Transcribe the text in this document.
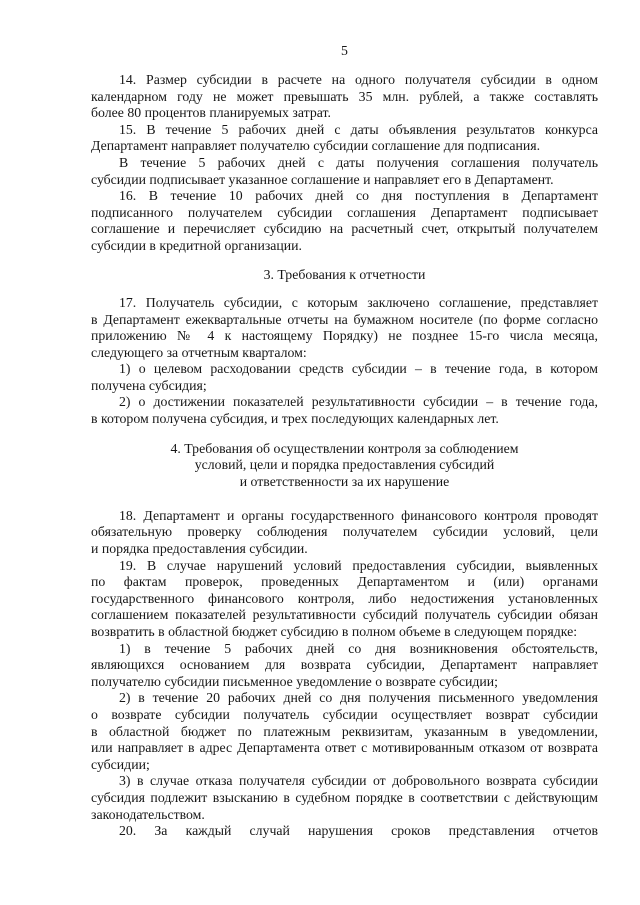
5
14. Размер субсидии в расчете на одного получателя субсидии в одном
календарном году не может превышать 35 млн. рублей, а также составлять
более 80 процентов планируемых затрат.
15. В течение 5 рабочих дней с даты объявления результатов конкурса
Департамент направляет получателю субсидии соглашение для подписания.
В течение 5 рабочих дней с даты получения соглашения получатель
субсидии подписывает указанное соглашение и направляет его в Департамент.
16. В течение 10 рабочих дней со дня поступления в Департамент
подписанного получателем субсидии соглашения Департамент подписывает
соглашение и перечисляет субсидию на расчетный счет, открытый получателем
субсидии в кредитной организации.
3. Требования к отчетности
17. Получатель субсидии, с которым заключено соглашение, представляет
в Департамент ежеквартальные отчеты на бумажном носителе (по форме согласно
приложению № 4 к настоящему Порядку) не позднее 15-го числа месяца,
следующего за отчетным кварталом:
1) о целевом расходовании средств субсидии – в течение года, в котором
получена субсидия;
2) о достижении показателей результативности субсидии – в течение года,
в котором получена субсидия, и трех последующих календарных лет.
4. Требования об осуществлении контроля за соблюдением
условий, цели и порядка предоставления субсидий
и ответственности за их нарушение
18. Департамент и органы государственного финансового контроля проводят
обязательную проверку соблюдения получателем субсидии условий, цели
и порядка предоставления субсидии.
19. В случае нарушений условий предоставления субсидии, выявленных
по фактам проверок, проведенных Департаментом и (или) органами
государственного финансового контроля, либо недостижения установленных
соглашением показателей результативности субсидий получатель субсидии обязан
возвратить в областной бюджет субсидию в полном объеме в следующем порядке:
1) в течение 5 рабочих дней со дня возникновения обстоятельств,
являющихся основанием для возврата субсидии, Департамент направляет
получателю субсидии письменное уведомление о возврате субсидии;
2) в течение 20 рабочих дней со дня получения письменного уведомления
о возврате субсидии получатель субсидии осуществляет возврат субсидии
в областной бюджет по платежным реквизитам, указанным в уведомлении,
или направляет в адрес Департамента ответ с мотивированным отказом от возврата
субсидии;
3) в случае отказа получателя субсидии от добровольного возврата субсидии
субсидия подлежит взысканию в судебном порядке в соответствии с действующим
законодательством.
20. За каждый случай нарушения сроков представления отчетов
